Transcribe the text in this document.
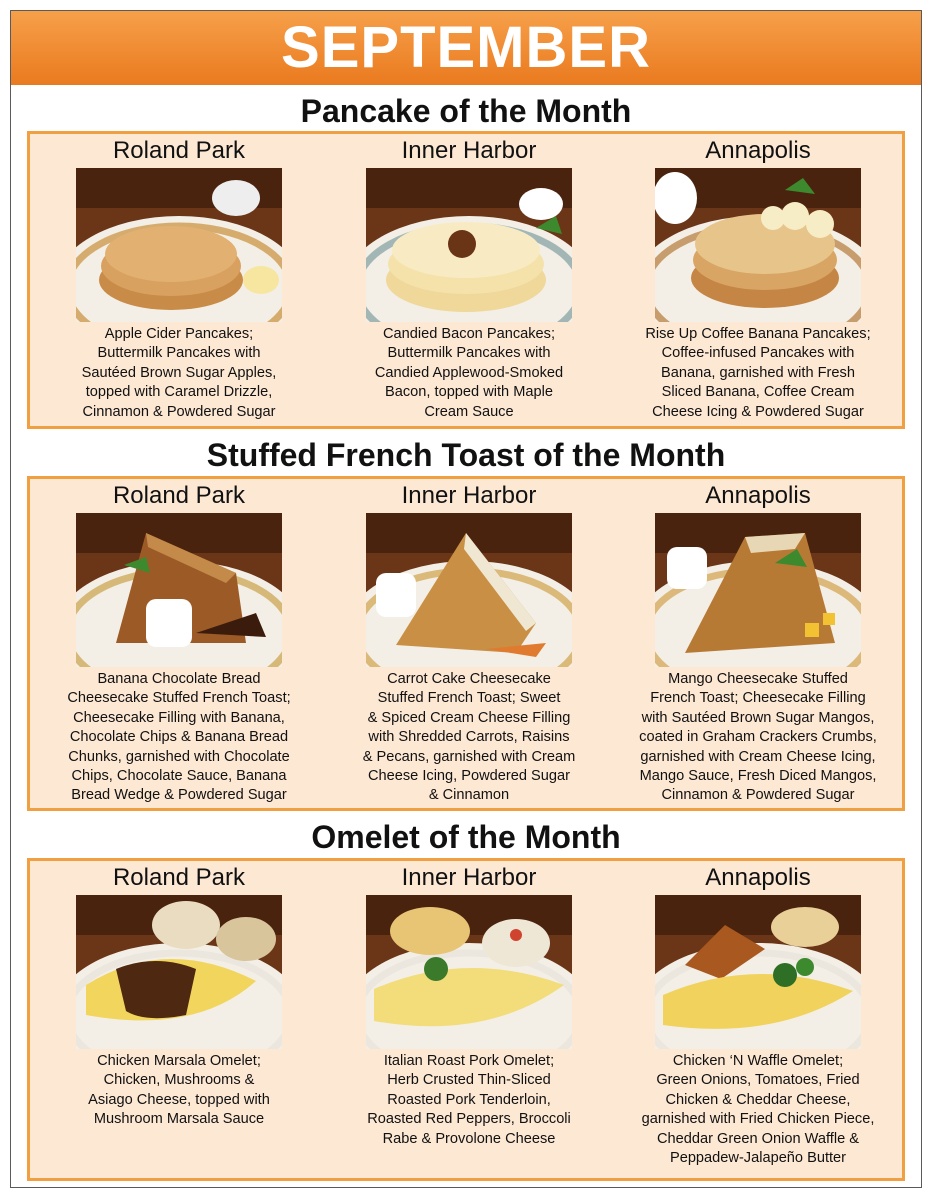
SEPTEMBER
Pancake of the Month
Roland Park
Apple Cider Pancakes;
Buttermilk Pancakes with
Sautéed Brown Sugar Apples,
topped with Caramel Drizzle,
Cinnamon & Powdered Sugar
Inner Harbor
Candied Bacon Pancakes;
Buttermilk Pancakes with
Candied Applewood-Smoked
Bacon, topped with Maple
Cream Sauce
Annapolis
Rise Up Coffee Banana Pancakes;
Coffee-infused Pancakes with
Banana, garnished with Fresh
Sliced Banana, Coffee Cream
Cheese Icing & Powdered Sugar
Stuffed French Toast of the Month
Roland Park
Banana Chocolate Bread
Cheesecake Stuffed French Toast;
Cheesecake Filling with Banana,
Chocolate Chips & Banana Bread
Chunks, garnished with Chocolate
Chips, Chocolate Sauce, Banana
Bread Wedge & Powdered Sugar
Inner Harbor
Carrot Cake Cheesecake
Stuffed French Toast; Sweet
& Spiced Cream Cheese Filling
with Shredded Carrots, Raisins
& Pecans, garnished with Cream
Cheese Icing, Powdered Sugar
& Cinnamon
Annapolis
Mango Cheesecake Stuffed
French Toast; Cheesecake Filling
with Sautéed Brown Sugar Mangos,
coated in Graham Crackers Crumbs,
garnished with Cream Cheese Icing,
Mango Sauce, Fresh Diced Mangos,
Cinnamon & Powdered Sugar
Omelet of the Month
Roland Park
Chicken Marsala Omelet;
Chicken, Mushrooms &
Asiago Cheese, topped with
Mushroom Marsala Sauce
Inner Harbor
Italian Roast Pork Omelet;
Herb Crusted Thin-Sliced
Roasted Pork Tenderloin,
Roasted Red Peppers, Broccoli
Rabe & Provolone Cheese
Annapolis
Chicken ‘N Waffle Omelet;
Green Onions, Tomatoes, Fried
Chicken & Cheddar Cheese,
garnished with Fried Chicken Piece,
Cheddar Green Onion Waffle &
Peppadew-Jalapeño Butter
